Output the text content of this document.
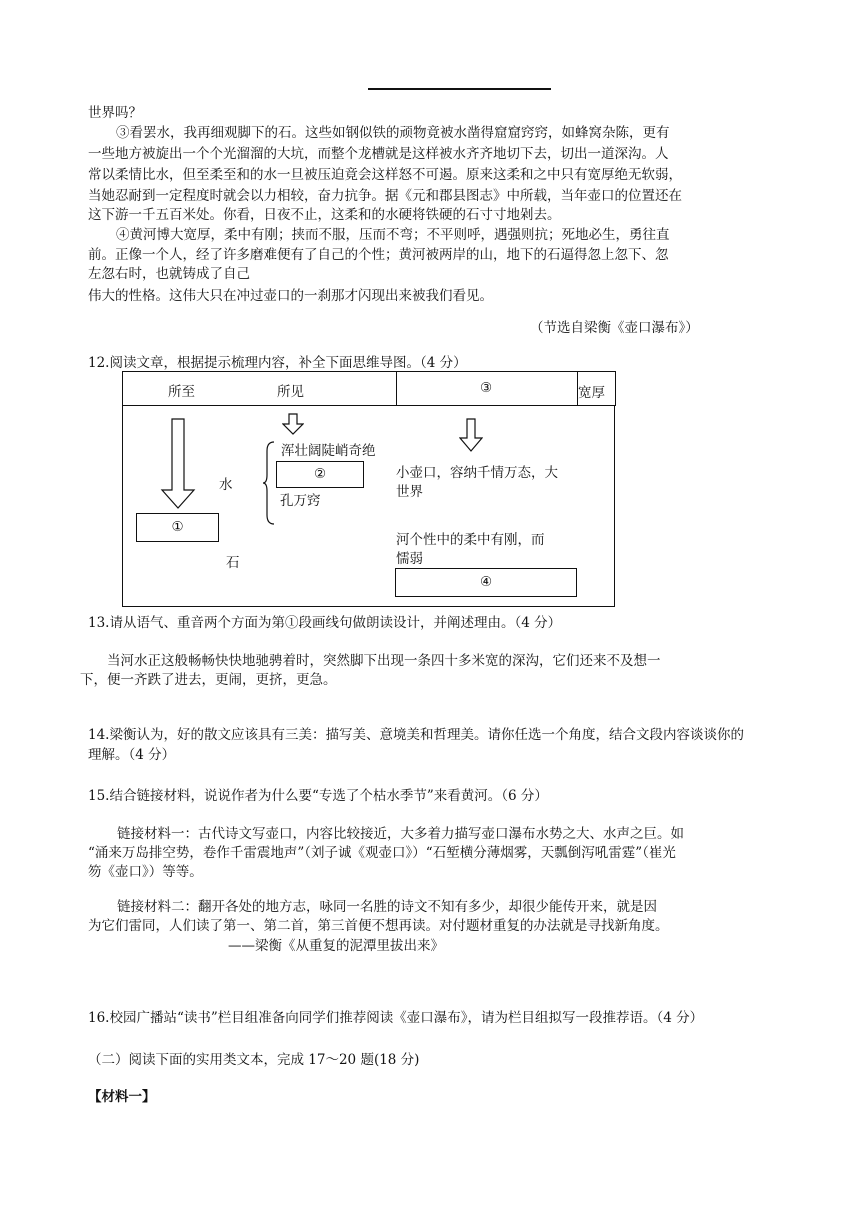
世界吗？
③看罢水，我再细观脚下的石。这些如钢似铁的顽物竟被水凿得窟窟窍窍，如蜂窝杂陈，更有
一些地方被旋出一个个光溜溜的大坑，而整个龙槽就是这样被水齐齐地切下去，切出一道深沟。人
常以柔情比水，但至柔至和的水一旦被压迫竟会这样怒不可遏。原来这柔和之中只有宽厚绝无软弱，
当她忍耐到一定程度时就会以力相较，奋力抗争。据《元和郡县图志》中所载，当年壶口的位置还在
这下游一千五百米处。你看，日夜不止，这柔和的水硬将铁硬的石寸寸地剁去。
④黄河博大宽厚，柔中有刚；挟而不服，压而不弯；不平则呼，遇强则抗；死地必生，勇往直
前。正像一个人，经了许多磨难便有了自己的个性；黄河被两岸的山，地下的石逼得忽上忽下、忽
左忽右时，也就铸成了自己
伟大的性格。这伟大只在冲过壶口的一刹那才闪现出来被我们看见。
（节选自梁衡《壶口瀑布》）
12.阅读文章，根据提示梳理内容，补全下面思维导图。（4 分）
所至	所见	③	宽厚
浑壮阔陡峭奇绝
②
孔万窍
水
①
石
小壶口，容纳千情万态，大
世界
河个性中的柔中有刚，而
懦弱
④
13.请从语气、重音两个方面为第①段画线句做朗读设计，并阐述理由。（4 分）
当河水正这般畅畅快快地驰骋着时，突然脚下出现一条四十多米宽的深沟，它们还来不及想一
下，便一齐跌了进去，更闹，更挤，更急。
14.梁衡认为，好的散文应该具有三美：描写美、意境美和哲理美。请你任选一个角度，结合文段内容谈谈你的
理解。（4 分）
15.结合链接材料，说说作者为什么要“专选了个枯水季节”来看黄河。（6 分）
链接材料一：古代诗文写壶口，内容比较接近，大多着力描写壶口瀑布水势之大、水声之巨。如
“涌来万岛排空势，卷作千雷震地声”（刘子诚《观壶口》）“石堑横分薄烟雾，天瓢倒泻吼雷霆”（崔光
笏《壶口》）等等。
链接材料二：翻开各处的地方志，咏同一名胜的诗文不知有多少，却很少能传开来，就是因
为它们雷同，人们读了第一、第二首，第三首便不想再读。对付题材重复的办法就是寻找新角度。
——梁衡《从重复的泥潭里拔出来》
16.校园广播站“读书”栏目组准备向同学们推荐阅读《壶口瀑布》，请为栏目组拟写一段推荐语。（4 分）
（二）阅读下面的实用类文本，完成 17～20 题(18 分)
【材料一】
